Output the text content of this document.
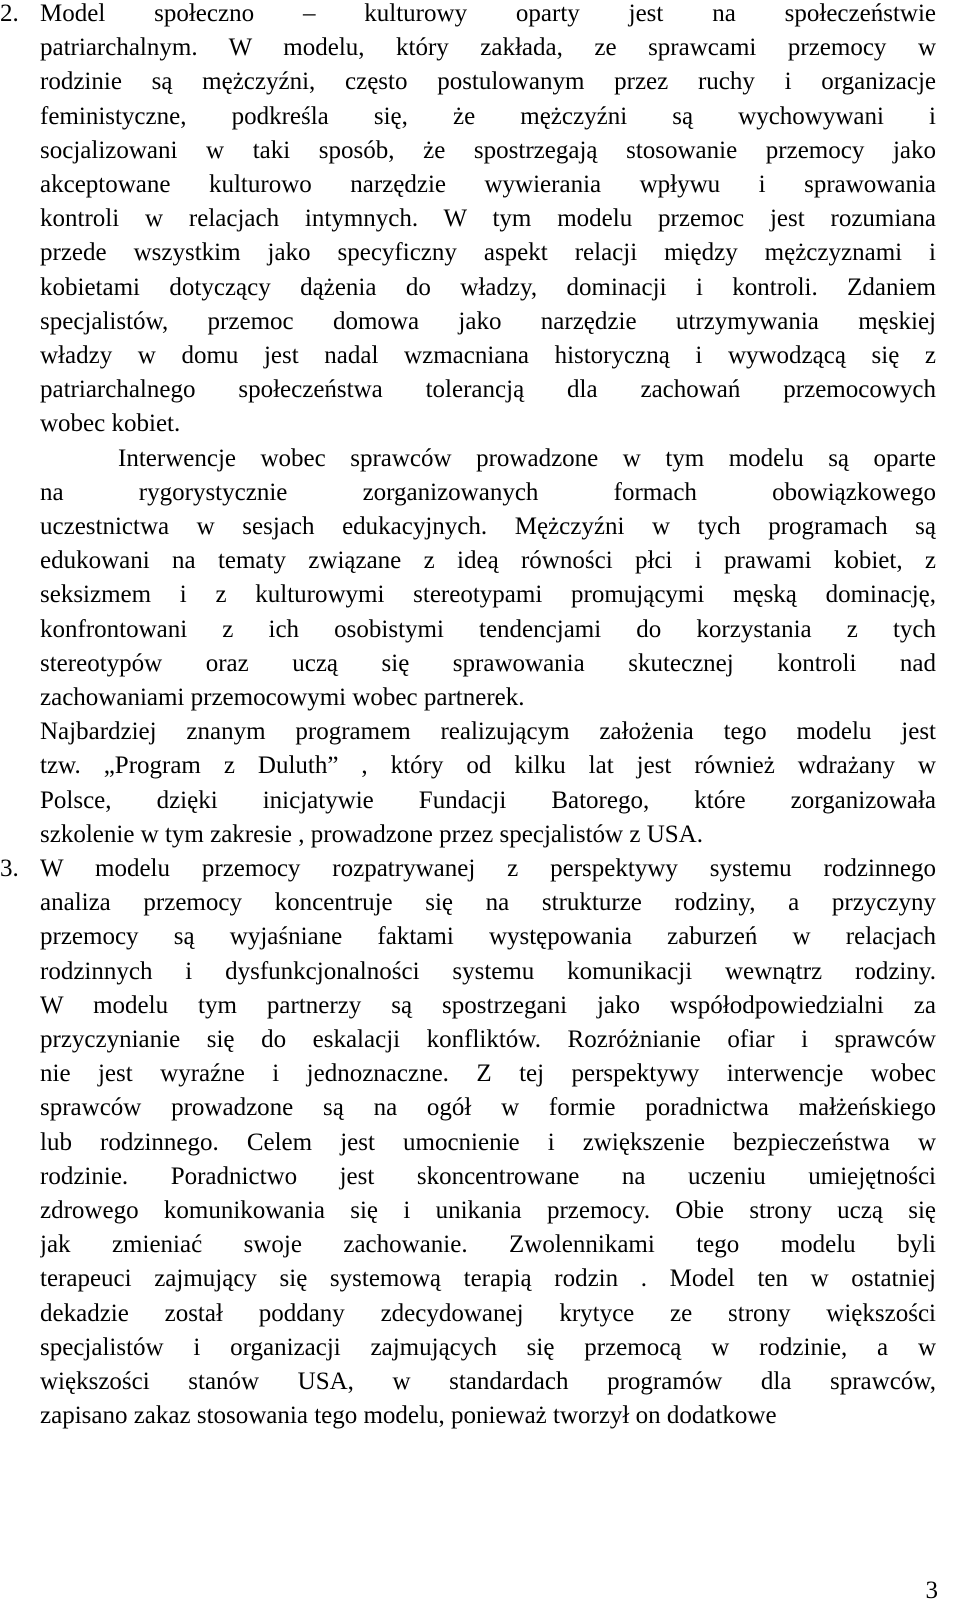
2. Model społeczno – kulturowy oparty jest na społeczeństwie
patriarchalnym. W modelu, który zakłada, ze sprawcami przemocy w
rodzinie są mężczyźni, często postulowanym przez ruchy i organizacje
feministyczne, podkreśla się, że mężczyźni są wychowywani i
socjalizowani w taki sposób, że spostrzegają stosowanie przemocy jako
akceptowane kulturowo narzędzie wywierania wpływu i sprawowania
kontroli w relacjach intymnych. W tym modelu przemoc jest rozumiana
przede wszystkim jako specyficzny aspekt relacji między mężczyznami i
kobietami dotyczący dążenia do władzy, dominacji i kontroli. Zdaniem
specjalistów, przemoc domowa jako narzędzie utrzymywania męskiej
władzy w domu jest nadal wzmacniana historyczną i wywodzącą się z
patriarchalnego społeczeństwa tolerancją dla zachowań przemocowych
wobec kobiet.
Interwencje wobec sprawców prowadzone w tym modelu są oparte
na rygorystycznie zorganizowanych formach obowiązkowego
uczestnictwa w sesjach edukacyjnych. Mężczyźni w tych programach są
edukowani na tematy związane z ideą równości płci i prawami kobiet, z
seksizmem i z kulturowymi stereotypami promującymi męską dominację,
konfrontowani z ich osobistymi tendencjami do korzystania z tych
stereotypów oraz uczą się sprawowania skutecznej kontroli nad
zachowaniami przemocowymi wobec partnerek.
Najbardziej znanym programem realizującym założenia tego modelu jest
tzw. „Program z Duluth” , który od kilku lat jest również wdrażany w
Polsce, dzięki inicjatywie Fundacji Batorego, które zorganizowała
szkolenie w tym zakresie , prowadzone przez specjalistów z USA.
3. W modelu przemocy rozpatrywanej z perspektywy systemu rodzinnego
analiza przemocy koncentruje się na strukturze rodziny, a przyczyny
przemocy są wyjaśniane faktami występowania zaburzeń w relacjach
rodzinnych i dysfunkcjonalności systemu komunikacji wewnątrz rodziny.
W modelu tym partnerzy są spostrzegani jako współodpowiedzialni za
przyczynianie się do eskalacji konfliktów. Rozróżnianie ofiar i sprawców
nie jest wyraźne i jednoznaczne. Z tej perspektywy interwencje wobec
sprawców prowadzone są na ogół w formie poradnictwa małżeńskiego
lub rodzinnego. Celem jest umocnienie i zwiększenie bezpieczeństwa w
rodzinie. Poradnictwo jest skoncentrowane na uczeniu umiejętności
zdrowego komunikowania się i unikania przemocy. Obie strony uczą się
jak zmieniać swoje zachowanie. Zwolennikami tego modelu byli
terapeuci zajmujący się systemową terapią rodzin . Model ten w ostatniej
dekadzie został poddany zdecydowanej krytyce ze strony większości
specjalistów i organizacji zajmujących się przemocą w rodzinie, a w
większości stanów USA, w standardach programów dla sprawców,
zapisano zakaz stosowania tego modelu, ponieważ tworzył on dodatkowe
3
